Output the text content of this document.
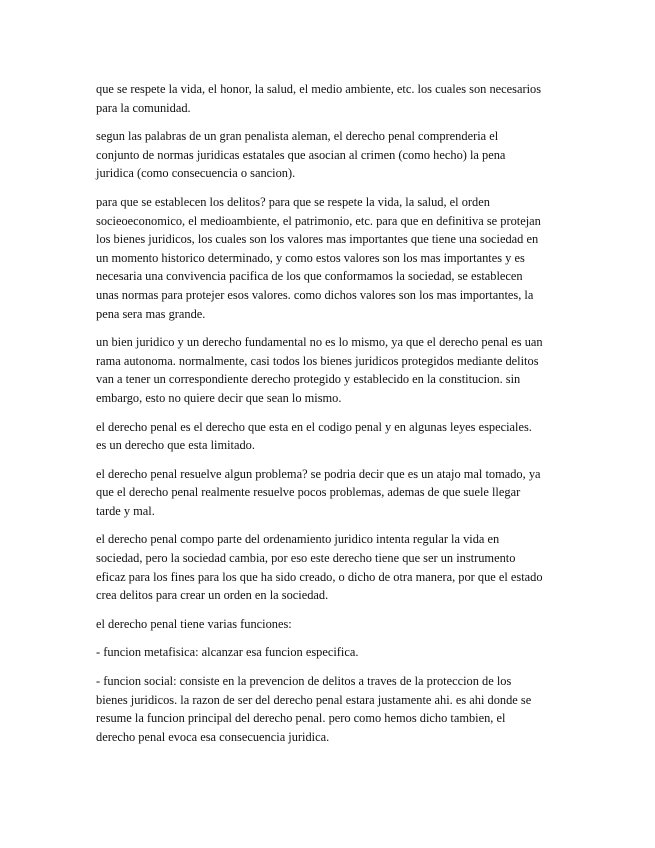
que se respete la vida, el honor, la salud, el medio ambiente, etc. los cuales son necesarios para la comunidad.

segun las palabras de un gran penalista aleman, el derecho penal comprenderia el conjunto de normas juridicas estatales que asocian al crimen (como hecho) la pena juridica (como consecuencia o sancion).

para que se establecen los delitos? para que se respete la vida, la salud, el orden socieoeconomico, el medioambiente, el patrimonio, etc. para que en definitiva se protejan los bienes juridicos, los cuales son los valores mas importantes que tiene una sociedad en un momento historico determinado, y como estos valores son los mas importantes y es necesaria una convivencia pacifica de los que conformamos la sociedad, se establecen unas normas para protejer esos valores. como dichos valores son los mas importantes, la pena sera mas grande.

un bien juridico y un derecho fundamental no es lo mismo, ya que el derecho penal es uan rama autonoma. normalmente, casi todos los bienes juridicos protegidos mediante delitos van a tener un correspondiente derecho protegido y establecido en la constitucion. sin embargo, esto no quiere decir que sean lo mismo.

el derecho penal es el derecho que esta en el codigo penal y en algunas leyes especiales. es un derecho que esta limitado.

el derecho penal resuelve algun problema? se podria decir que es un atajo mal tomado, ya que el derecho penal realmente resuelve pocos problemas, ademas de que suele llegar tarde y mal.

el derecho penal compo parte del ordenamiento juridico intenta regular la vida en sociedad, pero la sociedad cambia, por eso este derecho tiene que ser un instrumento eficaz para los fines para los que ha sido creado, o dicho de otra manera, por que el estado crea delitos para crear un orden en la sociedad.

el derecho penal tiene varias funciones:

- funcion metafisica: alcanzar esa funcion especifica.

- funcion social: consiste en la prevencion de delitos a traves de la proteccion de los bienes juridicos. la razon de ser del derecho penal estara justamente ahi. es ahi donde se resume la funcion principal del derecho penal. pero como hemos dicho tambien, el derecho penal evoca esa consecuencia juridica.
